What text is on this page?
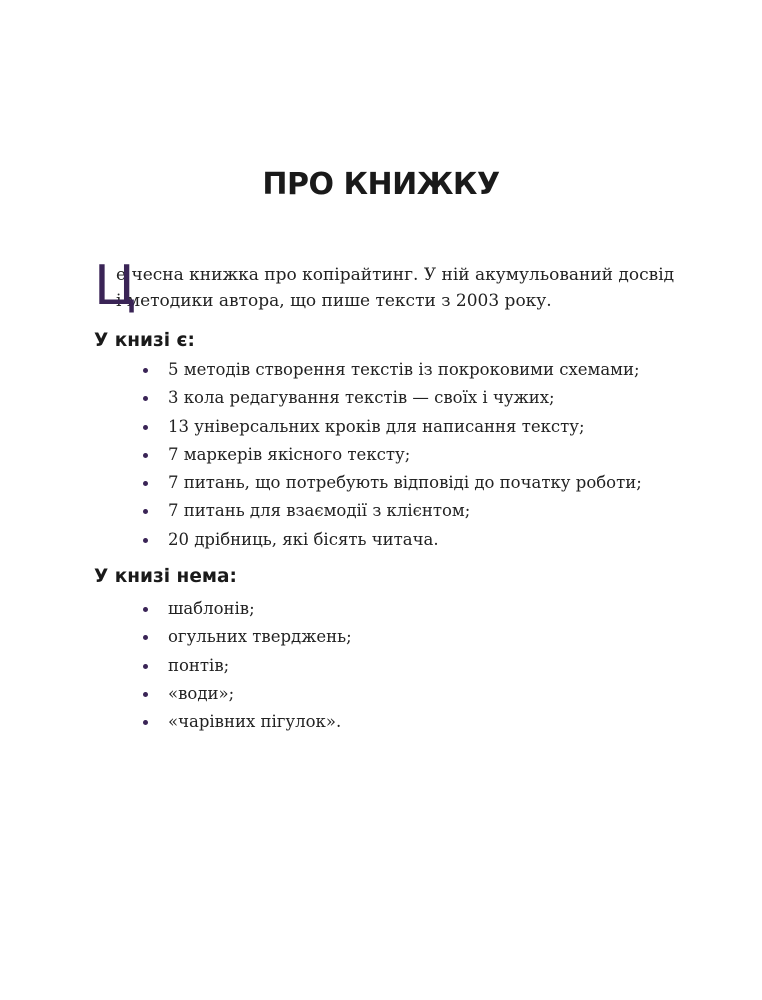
ПРО КНИЖКУ
Ц
е чесна книжка про копірайтинг. У ній акумульований досвід
і методики автора, що пише тексти з 2003 року.
У книзі є:
5 методів створення текстів із покроковими схемами;
3 кола редагування текстів — своїх і чужих;
13 універсальних кроків для написання тексту;
7 маркерів якісного тексту;
7 питань, що потребують відповіді до початку роботи;
7 питань для взаємодії з клієнтом;
20 дрібниць, які бісять читача.
У книзі нема:
шаблонів;
огульних тверджень;
понтів;
«води»;
«чарівних пігулок».
